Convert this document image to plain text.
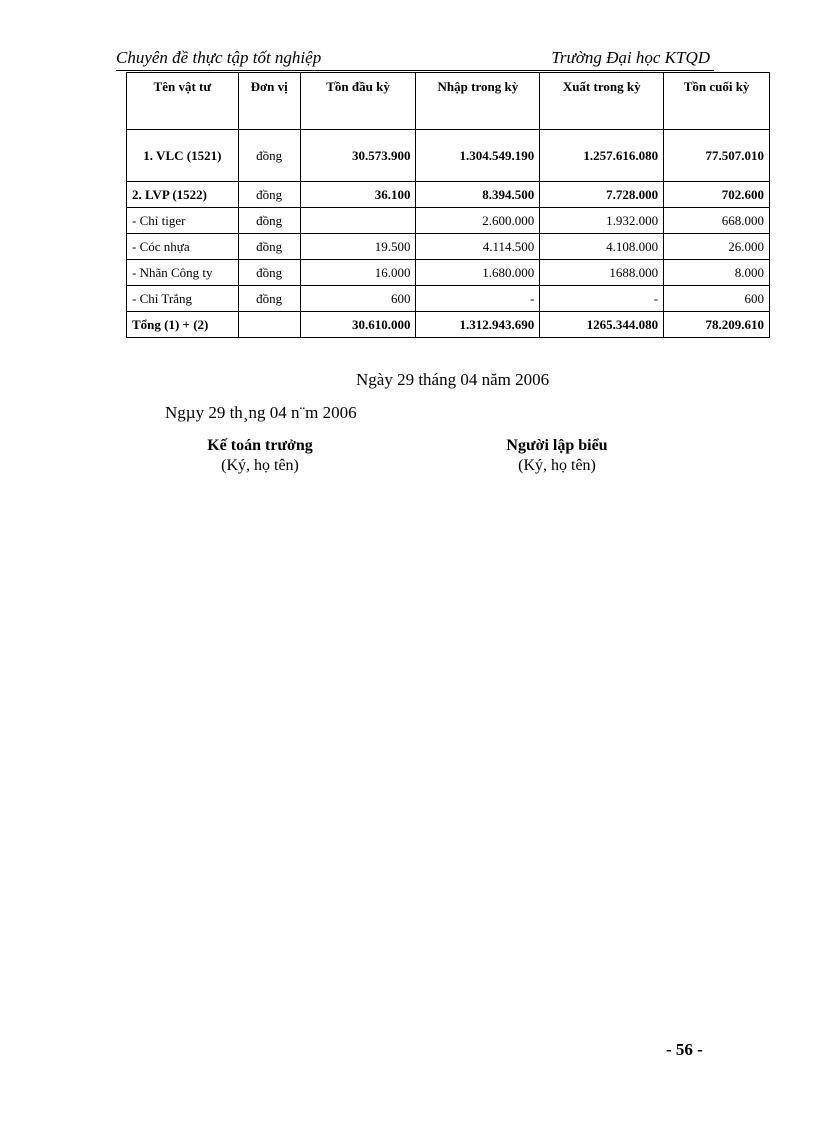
Chuyên đề thực tập tốt nghiệp	Trường Đại học KTQD
Tên vật tư	Đơn vị	Tồn đầu kỳ	Nhập trong kỳ	Xuất trong kỳ	Tồn cuối kỳ
1. VLC (1521)	đồng	30.573.900	1.304.549.190	1.257.616.080	77.507.010
2. LVP (1522)	đồng	36.100	8.394.500	7.728.000	702.600
- Chỉ tiger	đồng		2.600.000	1.932.000	668.000
- Cóc nhựa	đồng	19.500	4.114.500	4.108.000	26.000
- Nhãn Công ty	đồng	16.000	1.680.000	1688.000	8.000
- Chỉ Trắng	đồng	600	-	-	600
Tổng (1) + (2)		30.610.000	1.312.943.690	1265.344.080	78.209.610
Ngày 29 tháng 04 năm 2006
Ngµy 29 th¸ng 04 n¨m 2006
Kế toán trưởng
(Ký, họ tên)
Người lập biểu
(Ký, họ tên)
- 56 -
